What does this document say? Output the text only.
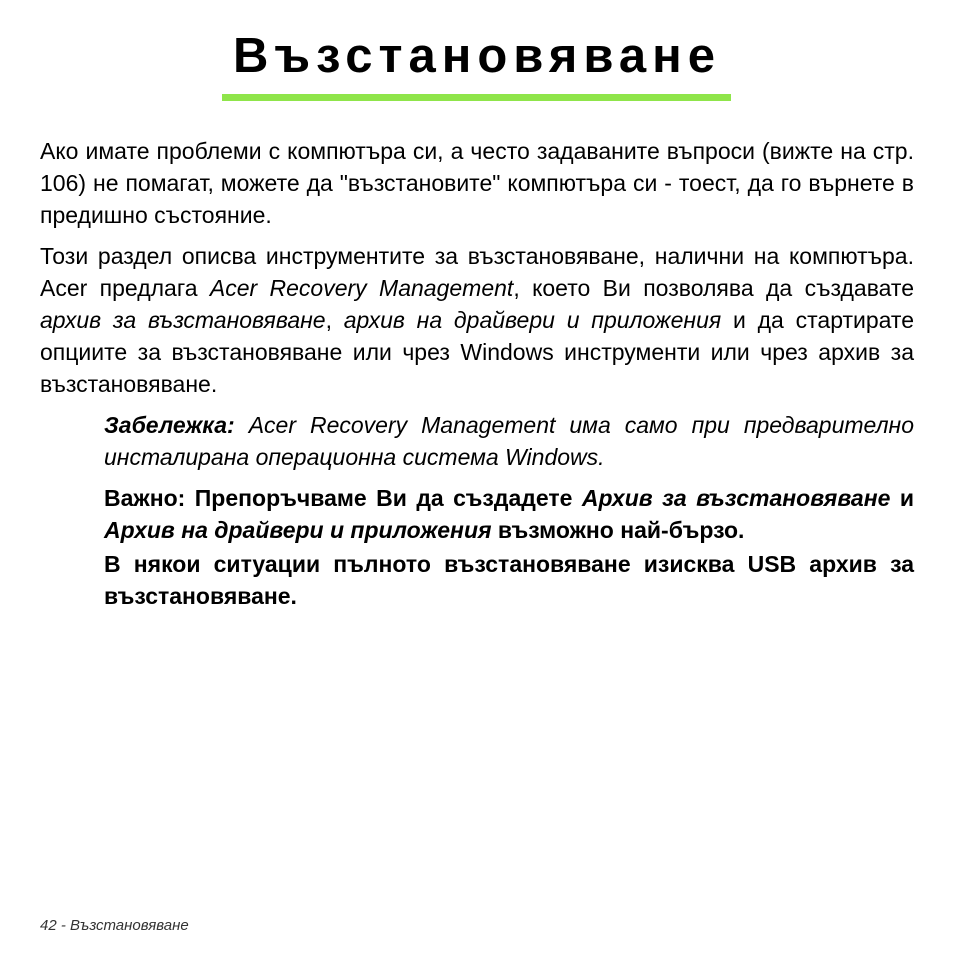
Възстановяване

Ако имате проблеми с компютъра си, а често задаваните въпроси (вижте на стр. 106) не помагат, можете да "възстановите" компютъра си - тоест, да го върнете в предишно състояние.

Този раздел описва инструментите за възстановяване, налични на компютъра. Acer предлага Acer Recovery Management, което Ви позволява да създавате архив за възстановяване, архив на драйвери и приложения и да стартирате опциите за възстановяване или чрез Windows инструменти или чрез архив за възстановяване.

Забележка: Acer Recovery Management има само при предварително инсталирана операционна система Windows.

Важно: Препоръчваме Ви да създадете Архив за възстановяване и Архив на драйвери и приложения възможно най-бързо.

В някои ситуации пълното възстановяване изисква USB архив за възстановяване.

42 - Възстановяване
